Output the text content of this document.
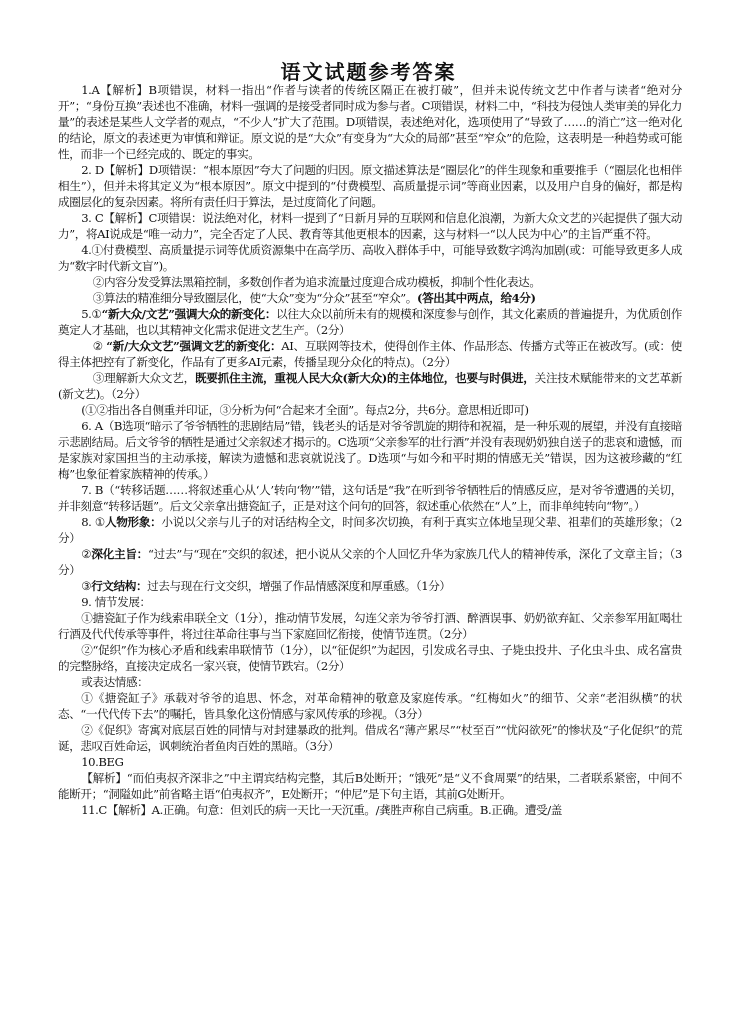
语文试题参考答案

1.A【解析】B项错误，材料一指出“作者与读者的传统区隔正在被打破”，但并未说传统文艺中作者与读者“绝对分开”；“身份互换”表述也不准确，材料一强调的是接受者同时成为参与者。C项错误，材料二中，“科技为侵蚀人类审美的异化力量”的表述是某些人文学者的观点，“不少人”扩大了范围。D项错误，表述绝对化，选项使用了“导致了……的消亡”这一绝对化的结论，原文的表述更为审慎和辩证。原文说的是“大众”有变身为“大众的局部”甚至“窄众”的危险，这表明是一种趋势或可能性，而非一个已经完成的、既定的事实。

2. D【解析】D项错误：“根本原因”夸大了问题的归因。原文描述算法是“圈层化”的伴生现象和重要推手（“圈层化也相伴相生”），但并未将其定义为“根本原因”。原文中提到的“付费模型、高质量提示词”等商业因素，以及用户自身的偏好，都是构成圈层化的复杂因素。将所有责任归于算法，是过度简化了问题。

3. C【解析】C项错误：说法绝对化，材料一提到了“日新月异的互联网和信息化浪潮，为新大众文艺的兴起提供了强大动力”，将AI说成是“唯一动力”，完全否定了人民、教育等其他更根本的因素，这与材料一“以人民为中心”的主旨严重不符。

4.①付费模型、高质量提示词等优质资源集中在高学历、高收入群体手中，可能导致数字鸿沟加剧(或：可能导致更多人成为“数字时代新文盲”)。

②内容分发受算法黑箱控制，多数创作者为追求流量过度迎合成功模板，抑制个性化表达。

③算法的精准细分导致圈层化，使“大众”变为“分众”甚至“窄众”。(答出其中两点，给4分)

5.①“新大众/文艺”强调大众的新变化：以往大众以前所未有的规模和深度参与创作，其文化素质的普遍提升，为优质创作奠定人才基础，也以其精神文化需求促进文艺生产。（2分）

② “新/大众文艺”强调文艺的新变化：AI、互联网等技术，使得创作主体、作品形态、传播方式等正在被改写。(或：使得主体把控有了新变化，作品有了更多AI元素，传播呈现分众化的特点)。（2分）

③理解新大众文艺，既要抓住主流，重视人民大众(新大众)的主体地位，也要与时俱进，关注技术赋能带来的文艺革新(新文艺)。（2分）

(①②指出各自侧重并印证，③分析为何“合起来才全面”。每点2分，共6分。意思相近即可)

6. A（B选项“暗示了爷爷牺牲的悲剧结局”错，钱老头的话是对爷爷凯旋的期待和祝福，是一种乐观的展望，并没有直接暗示悲剧结局。后文爷爷的牺牲是通过父亲叙述才揭示的。C选项“父亲参军的壮行酒”并没有表现奶奶独自送子的悲哀和遗憾，而是家族对家国担当的主动承接，解读为遗憾和悲哀就说浅了。D选项“与如今和平时期的情感无关”错误，因为这被珍藏的“红梅”也象征着家族精神的传承。）

7. B（“转移话题……将叙述重心从‘人’转向‘物’”错，这句话是“我”在听到爷爷牺牲后的情感反应，是对爷爷遭遇的关切，并非刻意“转移话题”。后文父亲拿出搪瓷缸子，正是对这个问句的回答，叙述重心依然在“人”上，而非单纯转向“物”。）

8. ①人物形象：小说以父亲与儿子的对话结构全文，时间多次切换，有利于真实立体地呈现父辈、祖辈们的英雄形象；（2分）

②深化主旨：“过去”与“现在”交织的叙述，把小说从父亲的个人回忆升华为家族几代人的精神传承，深化了文章主旨；（3分）

③行文结构：过去与现在行文交织，增强了作品情感深度和厚重感。（1分）

9. 情节发展：

①搪瓷缸子作为线索串联全文（1分），推动情节发展，勾连父亲为爷爷打酒、醉酒误事、奶奶欲弃缸、父亲参军用缸喝壮行酒及代代传承等事件，将过往革命往事与当下家庭回忆衔接，使情节连贯。（2分）

②“促织”作为核心矛盾和线索串联情节（1分），以“征促织”为起因，引发成名寻虫、子毙虫投井、子化虫斗虫、成名富贵的完整脉络，直接决定成名一家兴衰，使情节跌宕。（2分）

或表达情感：

①《搪瓷缸子》承载对爷爷的追思、怀念，对革命精神的敬意及家庭传承。“红梅如火”的细节、父亲“老泪纵横”的状态、“一代代传下去”的嘱托，皆具象化这份情感与家风传承的珍视。（3分）

②《促织》寄寓对底层百姓的同情与对封建暴政的批判。借成名“薄产累尽”“杖至百”“忧闷欲死”的惨状及“子化促织”的荒诞，悲叹百姓命运，讽刺统治者鱼肉百姓的黑暗。（3分）

10.BEG

【解析】“而伯夷叔齐深非之”中主谓宾结构完整，其后B处断开；“饿死”是“义不食周粟”的结果，二者联系紧密，中间不能断开；“洞隘如此”前省略主语“伯夷叔齐”，E处断开；“仲尼”是下句主语，其前G处断开。

11.C【解析】A.正确。句意：但刘氏的病一天比一天沉重。/龚胜声称自己病重。B.正确。遭受/盖
